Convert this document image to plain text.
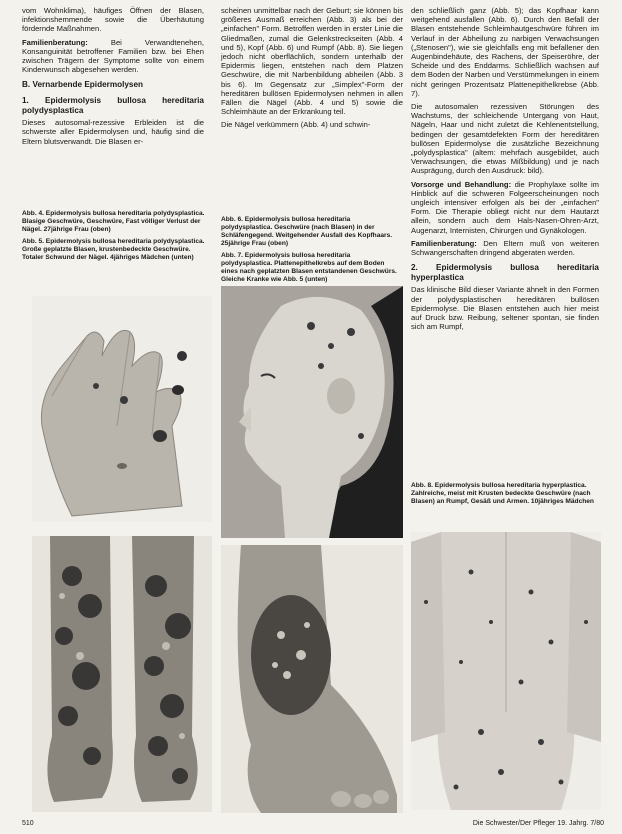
vom Wohnklima), häufiges Öffnen der Blasen, infektionshemmende sowie die Überhäutung fördernde Maßnahmen.

Familienberatung:	Bei Verwandtenehen, Konsanguinität betroffener Familien bzw. bei Ehen zwischen Trägern der Symptome sollte von einem Kinderwunsch abgesehen werden.

B. Vernarbende Epidermolysen
1. Epidermolysis bullosa hereditaria polydysplastica

Dieses autosomal-rezessive Erbleiden ist die schwerste aller Epidermolysen und, häufig sind die Eltern blutsverwandt. Die Blasen er-

scheinen unmittelbar nach der Geburt; sie können bis größeres Ausmaß erreichen (Abb. 3) als bei der „einfachen" Form. Betroffen werden in erster Linie die Gliedmaßen, zumal die Gelenkstreckseiten (Abb. 4 und 5), Kopf (Abb. 6) und Rumpf (Abb. 8). Sie liegen jedoch nicht oberflächlich, sondern unterhalb der Epidermis liegen, entstehen nach dem Platzen Geschwüre, die mit Narbenbildung abheilen (Abb. 3 bis 6). Im Gegensatz zur „Simplex"-Form der hereditären bullösen Epidermolysen nehmen in allen Fällen die Nägel (Abb. 4 und 5) sowie die Schleimhäute an der Erkrankung teil.

Die Nägel verkümmern (Abb. 4) und schwin-

den schließlich ganz (Abb. 5); das Kopfhaar kann weitgehend ausfallen (Abb. 6). Durch den Befall der Blasen entstehende Schleimhautgeschwüre führen im Verlauf in der Abheilung zu narbigen Verwachsungen („Stenosen"), wie sie gleichfalls eng mit befallener den Augenbindehäute, des Rachens, der Speiseröhre, der Scheide und des Enddarms. Schließlich wachsen auf dem Boden der Narben und Verstümmelungen in einem nicht geringen Prozentsatz Plattenepithelkrebse (Abb. 7).

Die autosomalen rezessiven Störungen des Wachstums, der schleichende Untergang von Haut, Nägeln, Haar und nicht zuletzt die Kehlenentstellung, bedingen der gesamtdefekten Form der hereditären bullösen Epidermolyse die zusätzliche Bezeichnung „polydysplastica" (altem: mehrfach ausgebildet, auch Verwachsungen, die etwas Mißbildung) und je nach Ausprägung, durch den Ausdruck: bild).

Vorsorge und Behandlung: die Prophylaxe sollte im Hinblick auf die schweren Folgeerscheinungen noch ungleich intensiver erfolgen als bei der „einfachen" Form. Die Therapie obliegt nicht nur dem Hautarzt allein, sondern auch dem Hals-Nasen-Ohren-Arzt, Augenarzt, Internisten, Chirurgen und Gynäkologen.

Familienberatung: Den Eltern muß von weiteren Schwangerschaften dringend abgeraten werden.

2. Epidermolysis bullosa hereditaria hyperplastica

Das klinische Bild dieser Variante ähnelt in den Formen der polydysplastischen hereditären bullösen Epidermolyse. Die Blasen entstehen auch hier meist auf Druck bzw. Reibung, seltener spontan, sie finden sich am Rumpf,

Abb. 4. Epidermolysis bullosa hereditaria polydysplastica. Blasige Geschwüre, Geschwüre, Fast völliger Verlust der Nägel. 27jährige Frau (oben)

Abb. 5. Epidermolysis bullosa hereditaria polydysplastica. Große geplatzte Blasen, krustenbedeckte Geschwüre. Totaler Schwund der Nägel. 4jähriges Mädchen (unten)

Abb. 6. Epidermolysis bullosa hereditaria polydysplastica. Geschwüre (nach Blasen) in der Schläfengegend. Weitgehender Ausfall des Kopfhaars. 25jährige Frau (oben)

Abb. 7. Epidermolysis bullosa hereditaria polydysplastica. Plattenepithelkrebs auf dem Boden eines nach geplatzten Blasen entstandenen Geschwürs. Gleiche Kranke wie Abb. 5 (unten)

Abb. 8. Epidermolysis bullosa hereditaria hyperplastica. Zahlreiche, meist mit Krusten bedeckte Geschwüre (nach Blasen) an Rumpf, Gesäß und Armen. 10jähriges Mädchen

510	Die Schwester/Der Pfleger 19. Jahrg. 7/80
